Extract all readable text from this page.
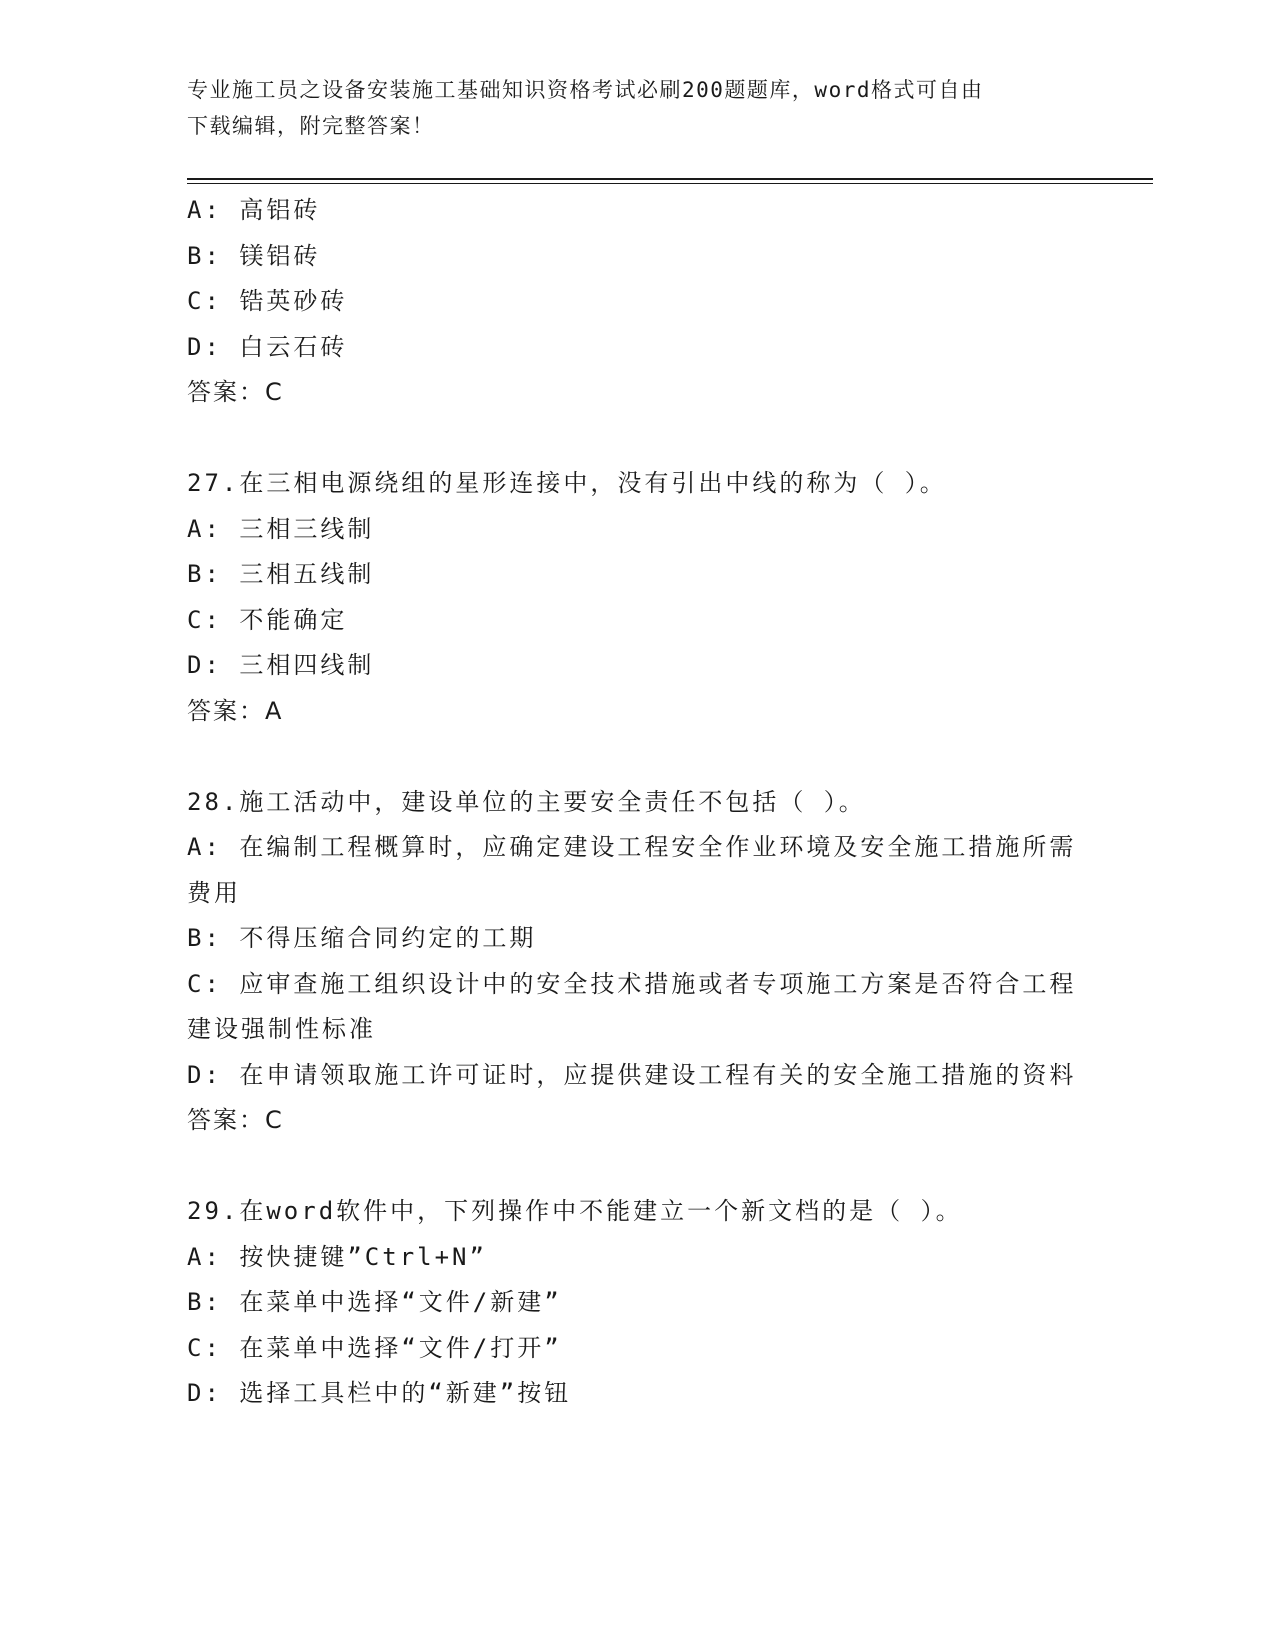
专业施工员之设备安装施工基础知识资格考试必刷200题题库，word格式可自由
下载编辑，附完整答案！
A: 高铝砖
B: 镁铝砖
C: 锆英砂砖
D: 白云石砖
答案：C
27.在三相电源绕组的星形连接中，没有引出中线的称为（ ）。
A: 三相三线制
B: 三相五线制
C: 不能确定
D: 三相四线制
答案：A
28.施工活动中，建设单位的主要安全责任不包括（ ）。
A: 在编制工程概算时，应确定建设工程安全作业环境及安全施工措施所需费用
B: 不得压缩合同约定的工期
C: 应审查施工组织设计中的安全技术措施或者专项施工方案是否符合工程建设强制性标准
D: 在申请领取施工许可证时，应提供建设工程有关的安全施工措施的资料
答案：C
29.在word软件中，下列操作中不能建立一个新文档的是（ ）。
A: 按快捷键”Ctrl+N”
B: 在菜单中选择“文件/新建”
C: 在菜单中选择“文件/打开”
D: 选择工具栏中的“新建”按钮
